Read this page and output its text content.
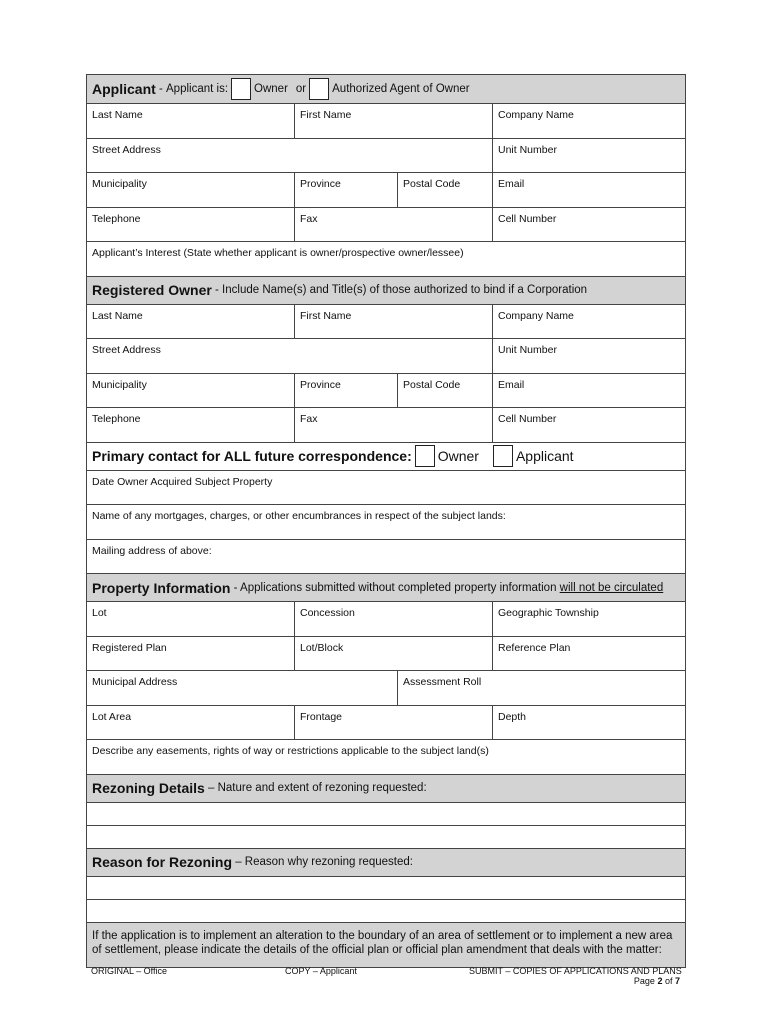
Applicant - Applicant is: Owner or Authorized Agent of Owner
Last Name	First Name	Company Name
Street Address	Unit Number
Municipality	Province	Postal Code	Email
Telephone	Fax	Cell Number
Applicant’s Interest (State whether applicant is owner/prospective owner/lessee)
Registered Owner - Include Name(s) and Title(s) of those authorized to bind if a Corporation
Last Name	First Name	Company Name
Street Address	Unit Number
Municipality	Province	Postal Code	Email
Telephone	Fax	Cell Number
Primary contact for ALL future correspondence: Owner	Applicant
Date Owner Acquired Subject Property
Name of any mortgages, charges, or other encumbrances in respect of the subject lands:
Mailing address of above:
Property Information - Applications submitted without completed property information will not be circulated
Lot	Concession	Geographic Township
Registered Plan	Lot/Block	Reference Plan
Municipal Address	Assessment Roll
Lot Area	Frontage	Depth
Describe any easements, rights of way or restrictions applicable to the subject land(s)
Rezoning Details – Nature and extent of rezoning requested:
Reason for Rezoning – Reason why rezoning requested:
If the application is to implement an alteration to the boundary of an area of settlement or to implement a new area of settlement, please indicate the details of the official plan or official plan amendment that deals with the matter:
ORIGINAL – Office	COPY – Applicant	SUBMIT – COPIES OF APPLICATIONS AND PLANS
Page 2 of 7
